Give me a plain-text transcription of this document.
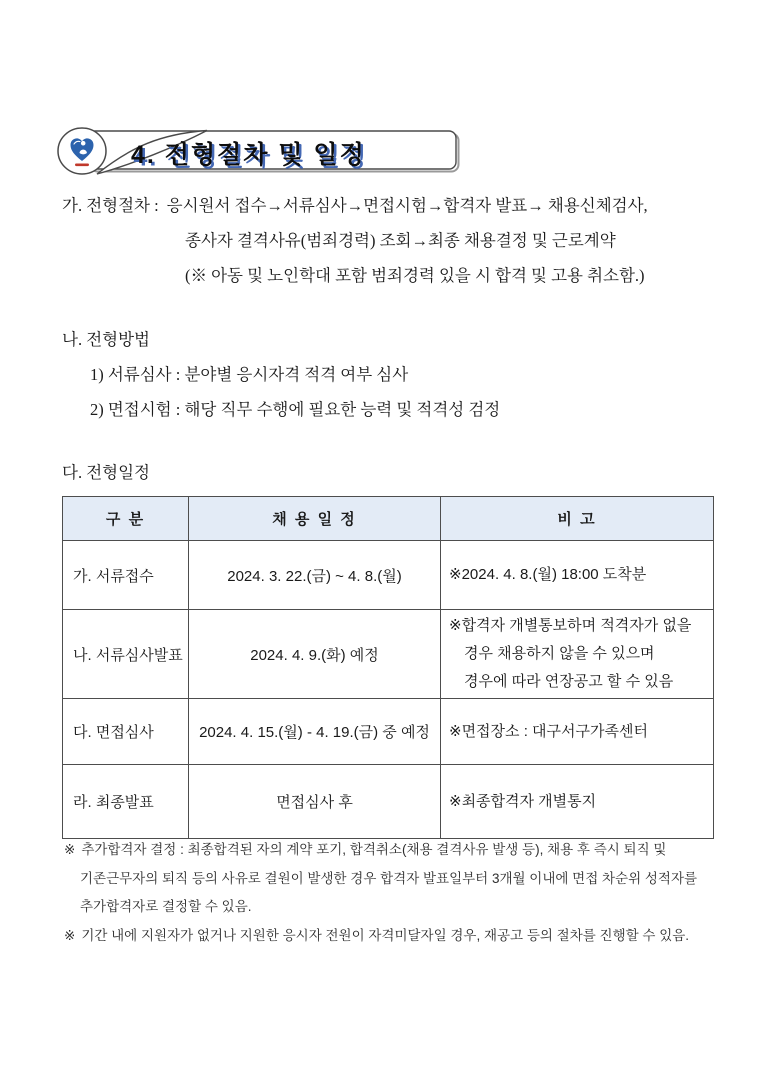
4. 전형절차 및 일정
가. 전형절차 : 응시원서 접수→서류심사→면접시험→합격자 발표→ 채용신체검사,
종사자 결격사유(범죄경력) 조회→최종 채용결정 및 근로계약
(※ 아동 및 노인학대 포함 범죄경력 있을 시 합격 및 고용 취소함.)
나. 전형방법
1) 서류심사 : 분야별 응시자격 적격 여부 심사
2) 면접시험 : 해당 직무 수행에 필요한 능력 및 적격성 검정
다. 전형일정
구 분	채 용 일 정	비 고
가. 서류접수	2024. 3. 22.(금) ~ 4. 8.(월)	※2024. 4. 8.(월) 18:00 도착분

나. 서류심사발표	2024. 4. 9.(화) 예정	※합격자 개별통보하며 적격자가 없을
경우 채용하지 않을 수 있으며
경우에 따라 연장공고 할 수 있음

다. 면접심사	2024. 4. 15.(월) - 4. 19.(금) 중 예정	※면접장소 : 대구서구가족센터

라. 최종발표	면접심사 후	※최종합격자 개별통지
※ 추가합격자 결정 : 최종합격된 자의 계약 포기, 합격취소(채용 결격사유 발생 등), 채용 후 즉시 퇴직 및
기존근무자의 퇴직 등의 사유로 결원이 발생한 경우 합격자 발표일부터 3개월 이내에 면접 차순위 성적자를
추가합격자로 결정할 수 있음.
※ 기간 내에 지원자가 없거나 지원한 응시자 전원이 자격미달자일 경우, 재공고 등의 절차를 진행할 수 있음.
